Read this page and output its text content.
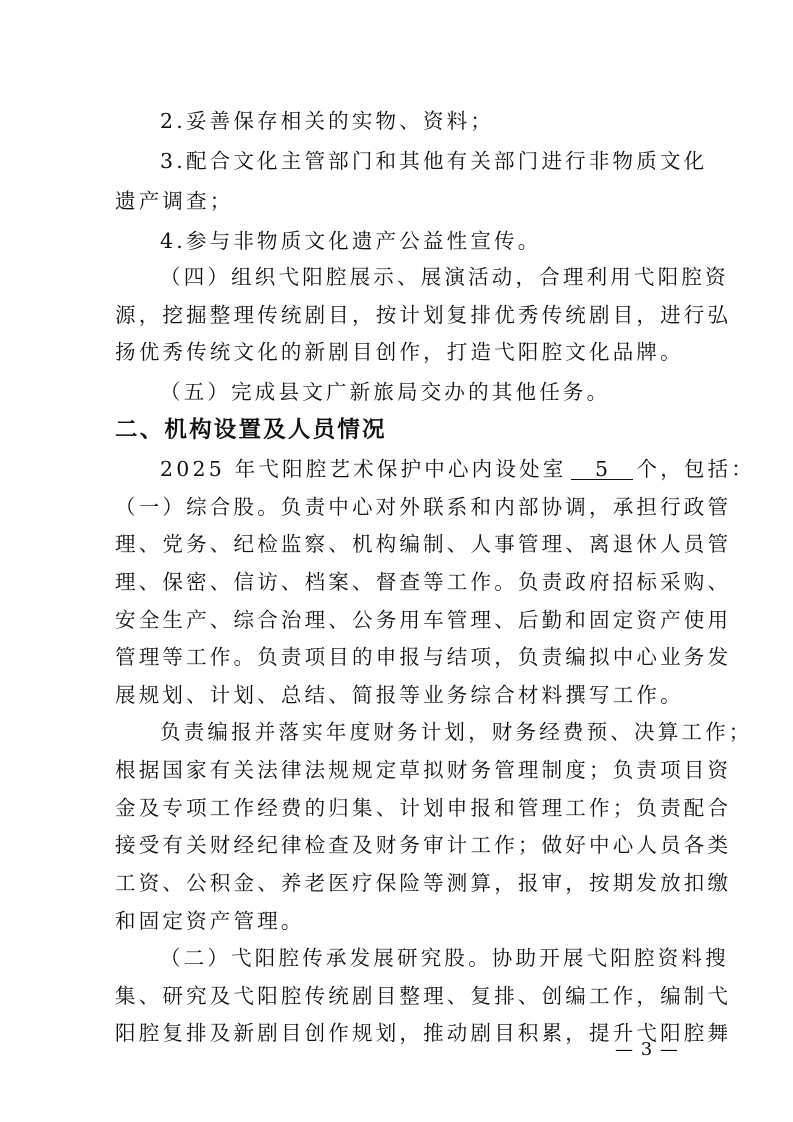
2.妥善保存相关的实物、资料；
3.配合文化主管部门和其他有关部门进行非物质文化
遗产调查；
4.参与非物质文化遗产公益性宣传。
（四）组织弋阳腔展示、展演活动，合理利用弋阳腔资
源，挖掘整理传统剧目，按计划复排优秀传统剧目，进行弘
扬优秀传统文化的新剧目创作，打造弋阳腔文化品牌。
（五）完成县文广新旅局交办的其他任务。
二、机构设置及人员情况
2025 年弋阳腔艺术保护中心内设处室 5 个，包括：
（一）综合股。负责中心对外联系和内部协调，承担行政管
理、党务、纪检监察、机构编制、人事管理、离退休人员管
理、保密、信访、档案、督查等工作。负责政府招标采购、
安全生产、综合治理、公务用车管理、后勤和固定资产使用
管理等工作。负责项目的申报与结项，负责编拟中心业务发
展规划、计划、总结、简报等业务综合材料撰写工作。
负责编报并落实年度财务计划，财务经费预、决算工作；
根据国家有关法律法规规定草拟财务管理制度；负责项目资
金及专项工作经费的归集、计划申报和管理工作；负责配合
接受有关财经纪律检查及财务审计工作；做好中心人员各类
工资、公积金、养老医疗保险等测算，报审，按期发放扣缴
和固定资产管理。
（二）弋阳腔传承发展研究股。协助开展弋阳腔资料搜
集、研究及弋阳腔传统剧目整理、复排、创编工作，编制弋
阳腔复排及新剧目创作规划，推动剧目积累，提升弋阳腔舞
— 3 —
